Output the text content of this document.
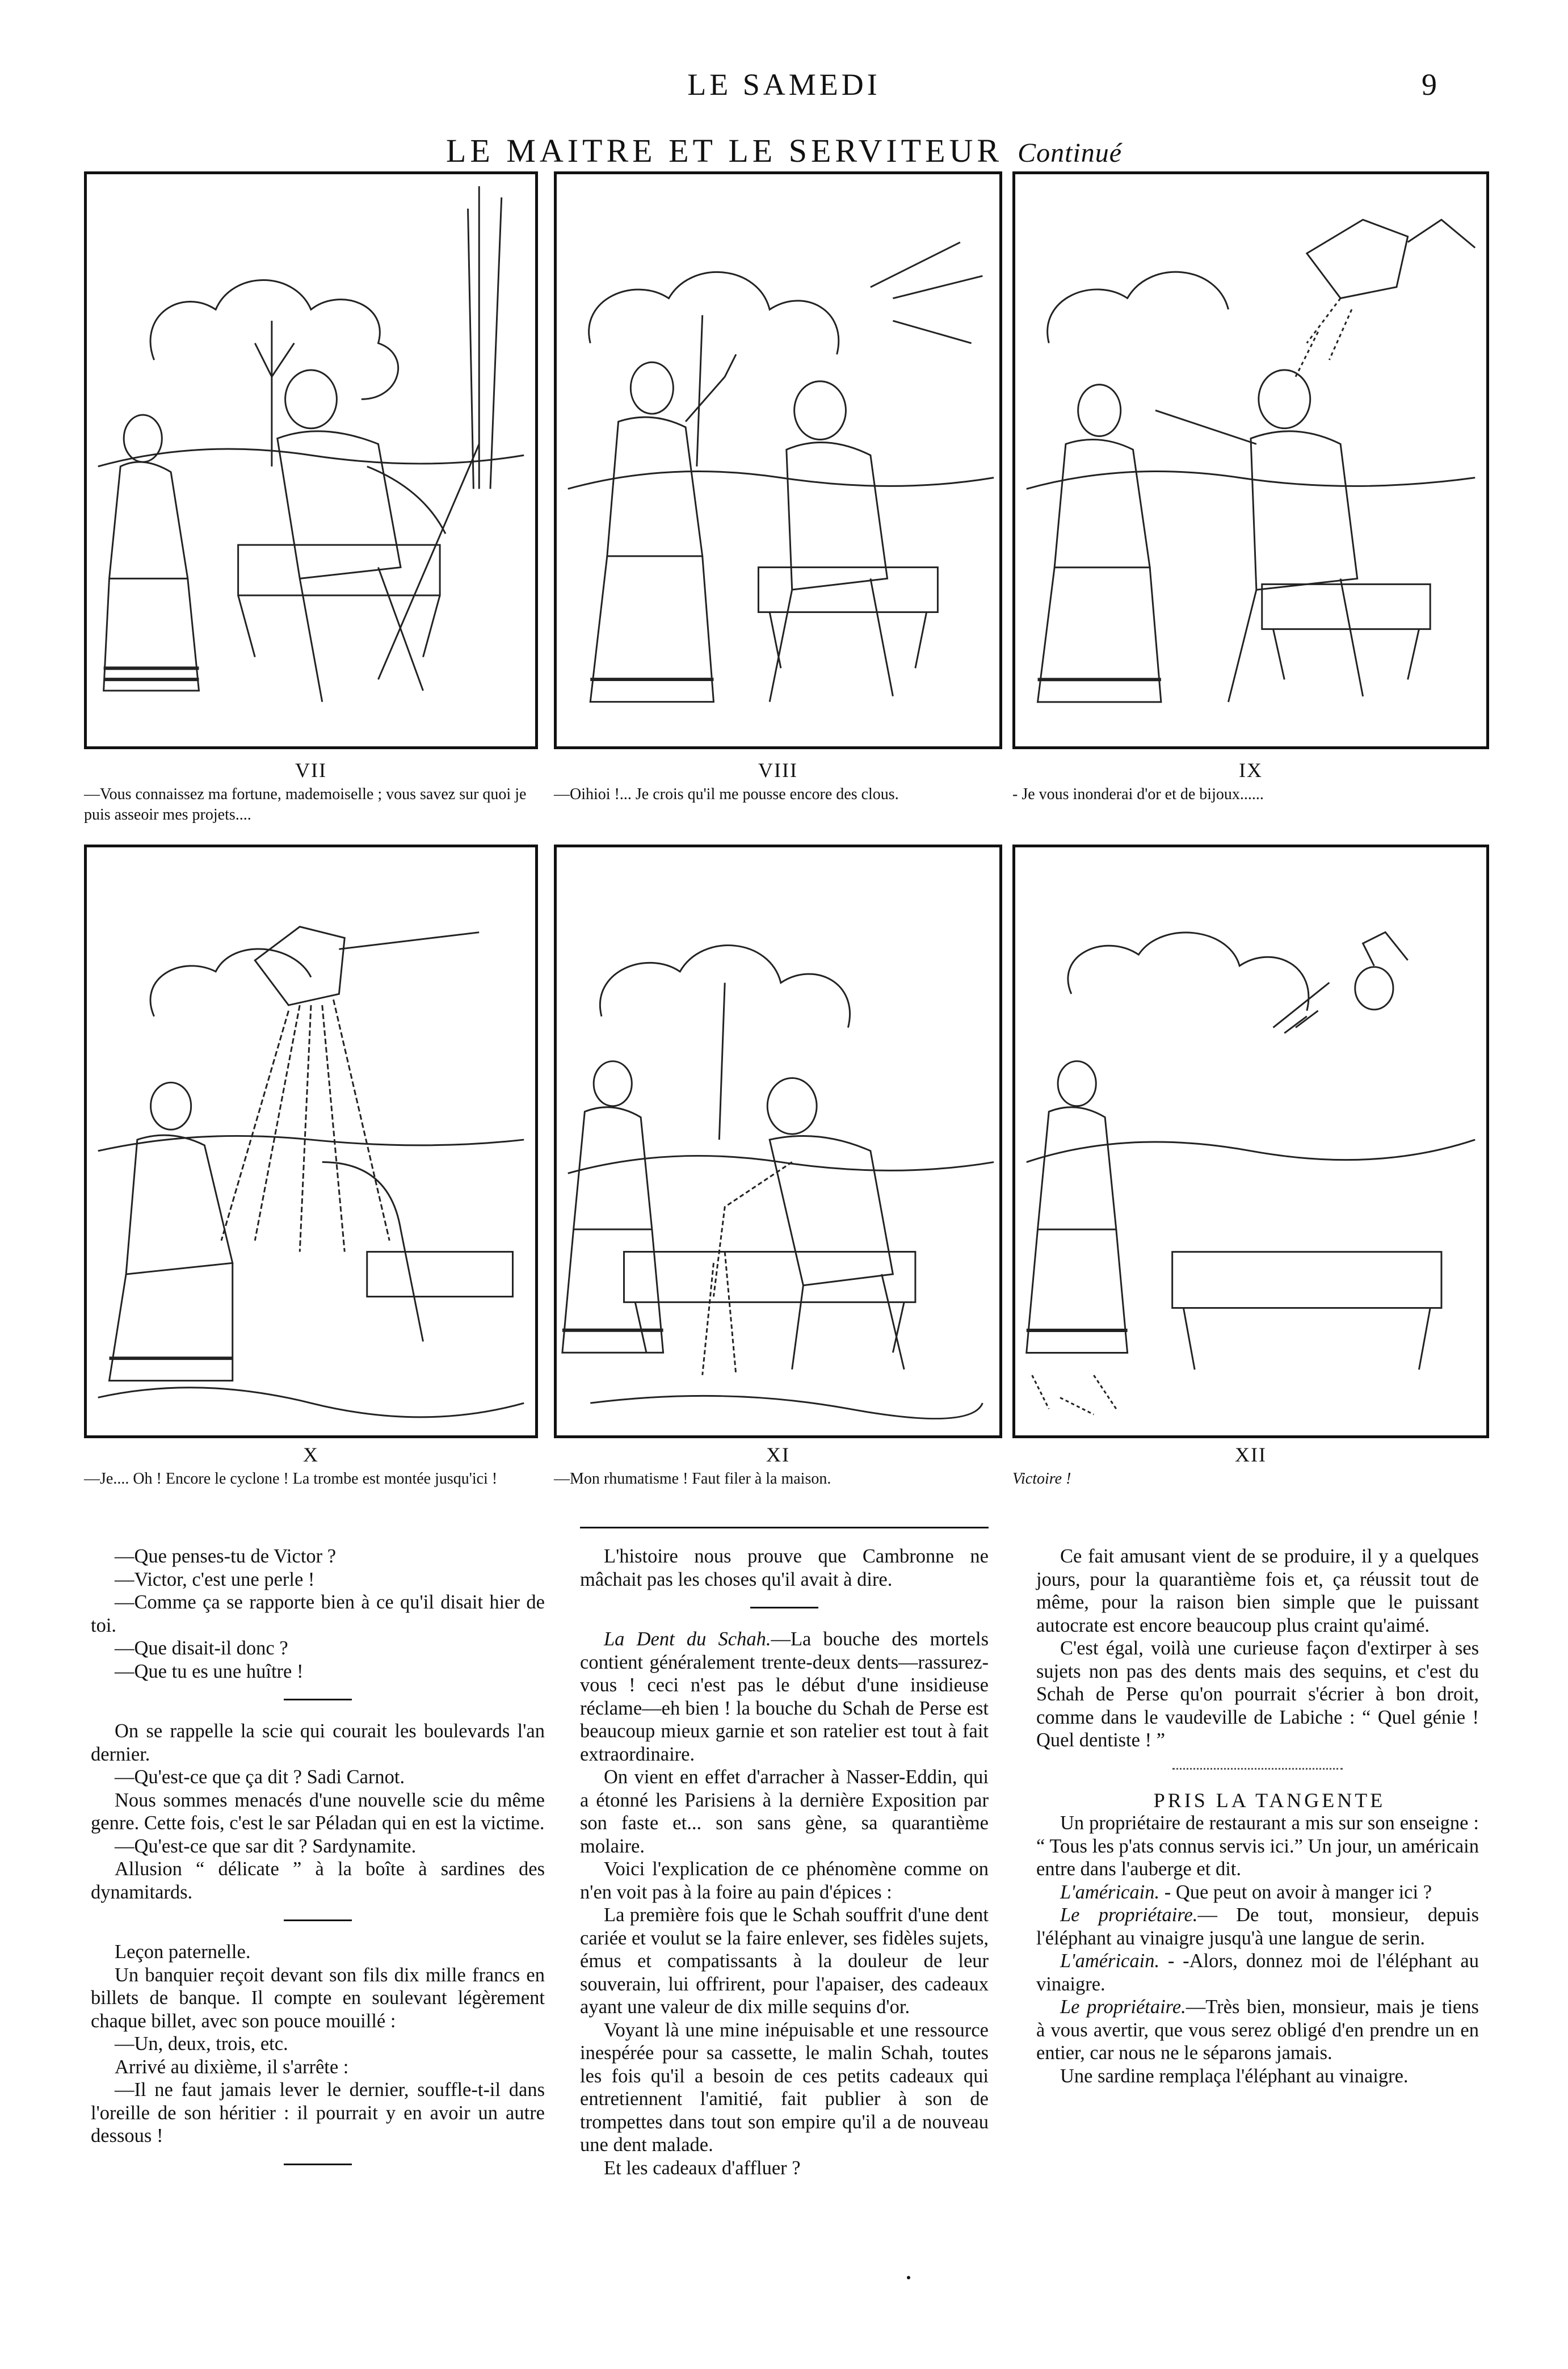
LE SAMEDI	9
LE MAITRE ET LE SERVITEUR Continué
VII
—Vous connaissez ma fortune, mademoiselle ; vous savez sur quoi je puis asseoir mes projets....
VIII
—Oihioi !... Je crois qu'il me pousse encore des clous.
IX
- Je vous inonderai d'or et de bijoux......
X
—Je.... Oh ! Encore le cyclone ! La trombe est montée jusqu'ici !
XI
—Mon rhumatisme ! Faut filer à la maison.
XII
Victoire !

—Que penses-tu de Victor ?

—Victor, c'est une perle !

—Comme ça se rapporte bien à ce qu'il disait hier de toi.

—Que disait-il donc ?

—Que tu es une huître !

On se rappelle la scie qui courait les boulevards l'an dernier.

—Qu'est-ce que ça dit ? Sadi Carnot.

Nous sommes menacés d'une nouvelle scie du même genre. Cette fois, c'est le sar Péladan qui en est la victime.

—Qu'est-ce que sar dit ? Sardynamite.

Allusion “ délicate ” à la boîte à sardines des dynamitards.

Leçon paternelle.

Un banquier reçoit devant son fils dix mille francs en billets de banque. Il compte en soulevant légèrement chaque billet, avec son pouce mouillé :

—Un, deux, trois, etc.

Arrivé au dixième, il s'arrête :

—Il ne faut jamais lever le dernier, souffle-t-il dans l'oreille de son héritier : il pourrait y en avoir un autre dessous !

L'histoire nous prouve que Cambronne ne mâchait pas les choses qu'il avait à dire.

La Dent du Schah.—La bouche des mortels contient généralement trente-deux dents—rassurez-vous ! ceci n'est pas le début d'une insidieuse réclame—eh bien ! la bouche du Schah de Perse est beaucoup mieux garnie et son ratelier est tout à fait extraordinaire.

On vient en effet d'arracher à Nasser-Eddin, qui a étonné les Parisiens à la dernière Exposition par son faste et... son sans gène, sa quarantième molaire.

Voici l'explication de ce phénomène comme on n'en voit pas à la foire au pain d'épices :

La première fois que le Schah souffrit d'une dent cariée et voulut se la faire enlever, ses fidèles sujets, émus et compatissants à la douleur de leur souverain, lui offrirent, pour l'apaiser, des cadeaux ayant une valeur de dix mille sequins d'or.

Voyant là une mine inépuisable et une ressource inespérée pour sa cassette, le malin Schah, toutes les fois qu'il a besoin de ces petits cadeaux qui entretiennent l'amitié, fait publier à son de trompettes dans tout son empire qu'il a de nouveau une dent malade.

Et les cadeaux d'affluer ?

Ce fait amusant vient de se produire, il y a quelques jours, pour la quarantième fois et, ça réussit tout de même, pour la raison bien simple que le puissant autocrate est encore beaucoup plus craint qu'aimé.

C'est égal, voilà une curieuse façon d'extirper à ses sujets non pas des dents mais des sequins, et c'est du Schah de Perse qu'on pourrait s'écrier à bon droit, comme dans le vaudeville de Labiche : “ Quel génie ! Quel dentiste ! ”

PRIS LA TANGENTE

Un propriétaire de restaurant a mis sur son enseigne : “ Tous les p'ats connus servis ici.” Un jour, un américain entre dans l'auberge et dit.

L'américain. - Que peut on avoir à manger ici ?

Le propriétaire.— De tout, monsieur, depuis l'éléphant au vinaigre jusqu'à une langue de serin.

L'américain. - -Alors, donnez moi de l'éléphant au vinaigre.

Le propriétaire.—Très bien, monsieur, mais je tiens à vous avertir, que vous serez obligé d'en prendre un en entier, car nous ne le séparons jamais.

Une sardine remplaça l'éléphant au vinaigre.
